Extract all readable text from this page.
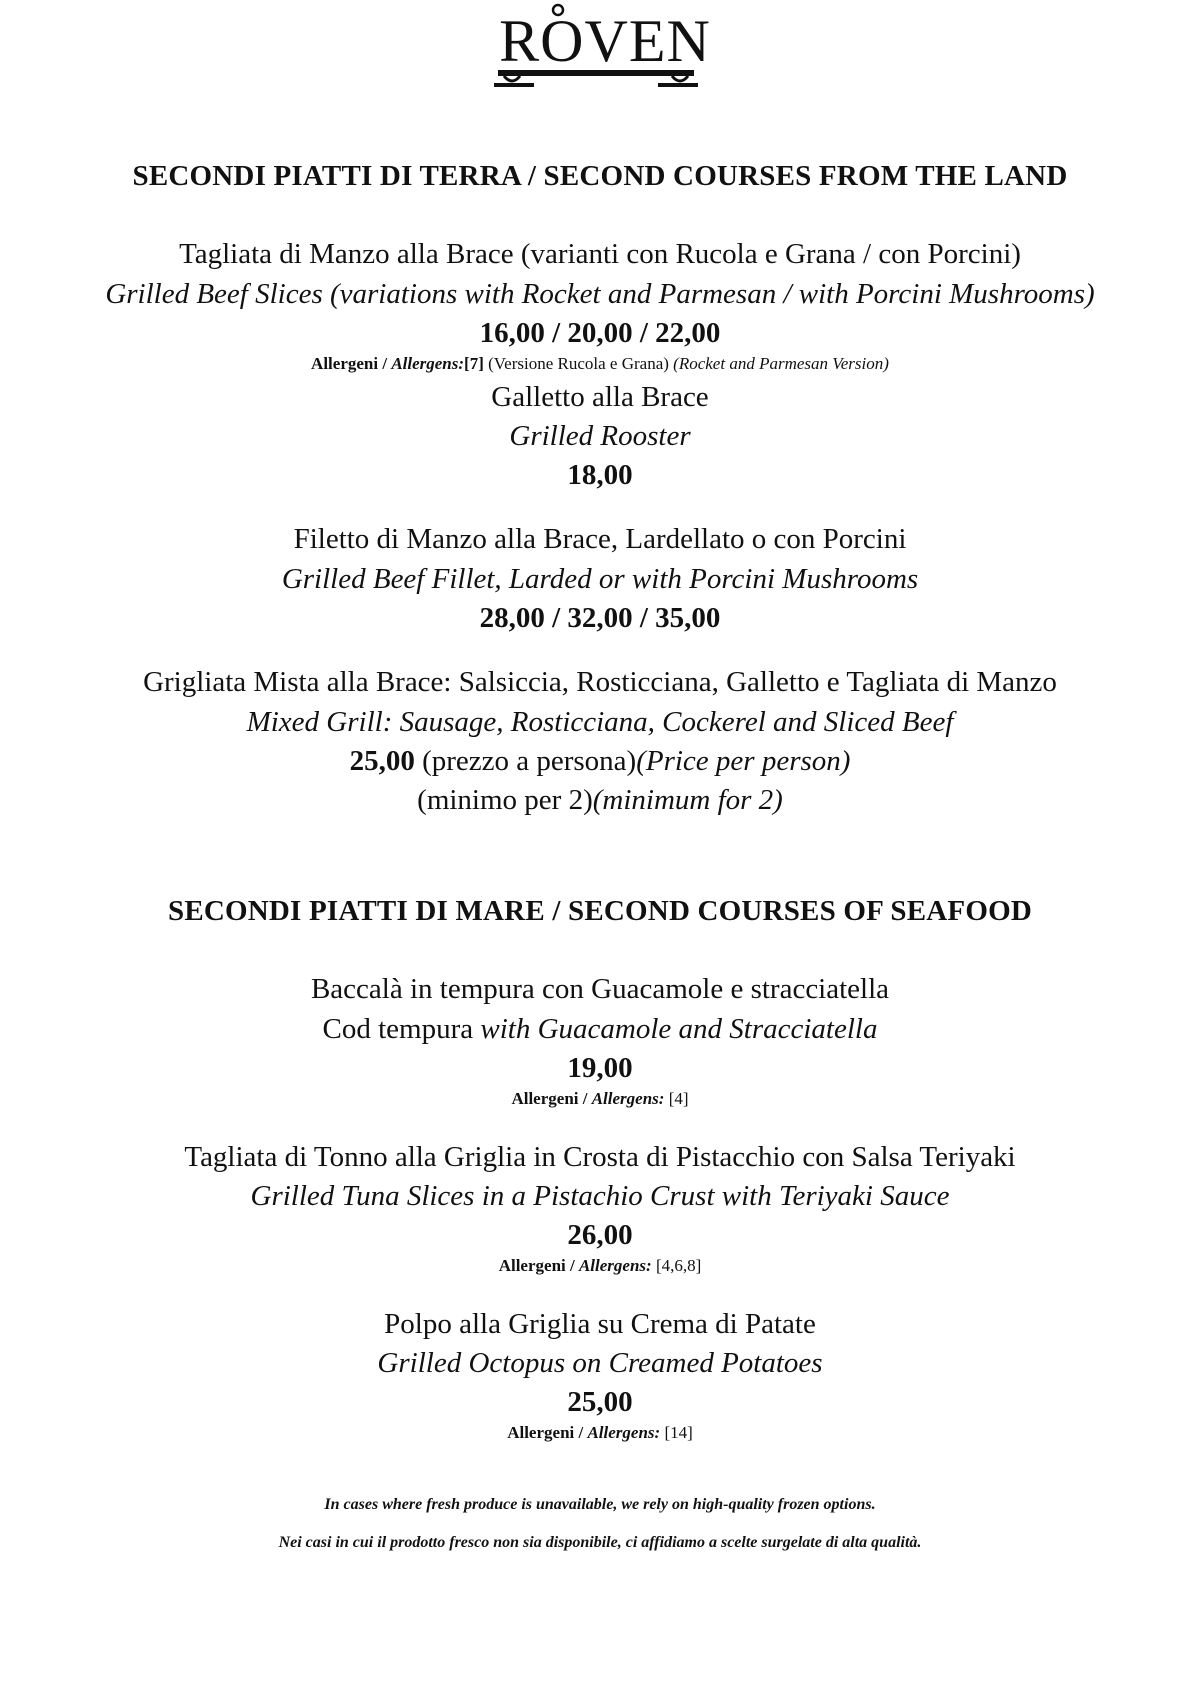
ROVEN
SECONDI PIATTI DI TERRA / SECOND COURSES FROM THE LAND
Tagliata di Manzo alla Brace (varianti con Rucola e Grana / con Porcini)
Grilled Beef Slices (variations with Rocket and Parmesan / with Porcini Mushrooms)
16,00 / 20,00 / 22,00
Allergeni / Allergens:[7] (Versione Rucola e Grana) (Rocket and Parmesan Version)
Galletto alla Brace
Grilled Rooster
18,00
Filetto di Manzo alla Brace, Lardellato o con Porcini
Grilled Beef Fillet, Larded or with Porcini Mushrooms
28,00 / 32,00 / 35,00
Grigliata Mista alla Brace: Salsiccia, Rosticciana, Galletto e Tagliata di Manzo
Mixed Grill: Sausage, Rosticciana, Cockerel and Sliced Beef
25,00 (prezzo a persona)(Price per person)
(minimo per 2)(minimum for 2)
SECONDI PIATTI DI MARE / SECOND COURSES OF SEAFOOD
Baccalà in tempura con Guacamole e stracciatella
Cod tempura with Guacamole and Stracciatella
19,00
Allergeni / Allergens: [4]
Tagliata di Tonno alla Griglia in Crosta di Pistacchio con Salsa Teriyaki
Grilled Tuna Slices in a Pistachio Crust with Teriyaki Sauce
26,00
Allergeni / Allergens: [4,6,8]
Polpo alla Griglia su Crema di Patate
Grilled Octopus on Creamed Potatoes
25,00
Allergeni / Allergens: [14]
In cases where fresh produce is unavailable, we rely on high-quality frozen options.
Nei casi in cui il prodotto fresco non sia disponibile, ci affidiamo a scelte surgelate di alta qualità.
